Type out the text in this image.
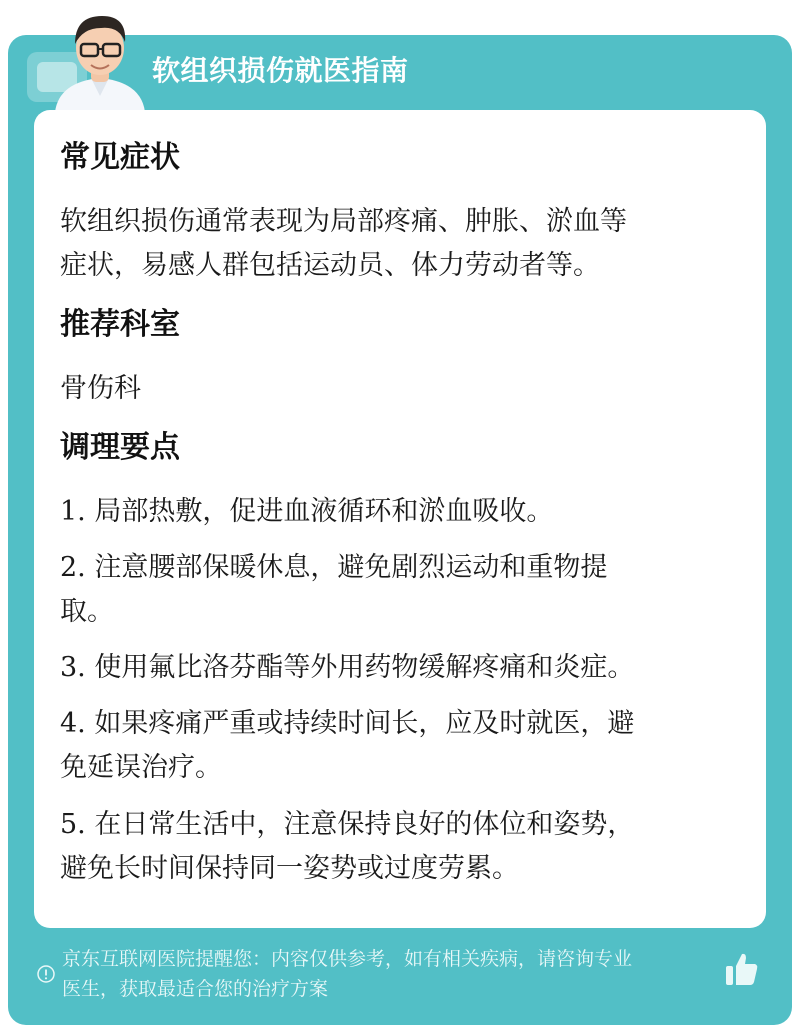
软组织损伤就医指南
常见症状
软组织损伤通常表现为局部疼痛、肿胀、淤血等
症状，易感人群包括运动员、体力劳动者等。
推荐科室
骨伤科
调理要点
1. 局部热敷，促进血液循环和淤血吸收。
2. 注意腰部保暖休息，避免剧烈运动和重物提
取。
3. 使用氟比洛芬酯等外用药物缓解疼痛和炎症。
4. 如果疼痛严重或持续时间长，应及时就医，避
免延误治疗。
5. 在日常生活中，注意保持良好的体位和姿势，
避免长时间保持同一姿势或过度劳累。
京东互联网医院提醒您：内容仅供参考，如有相关疾病，请咨询专业
医生，获取最适合您的治疗方案
